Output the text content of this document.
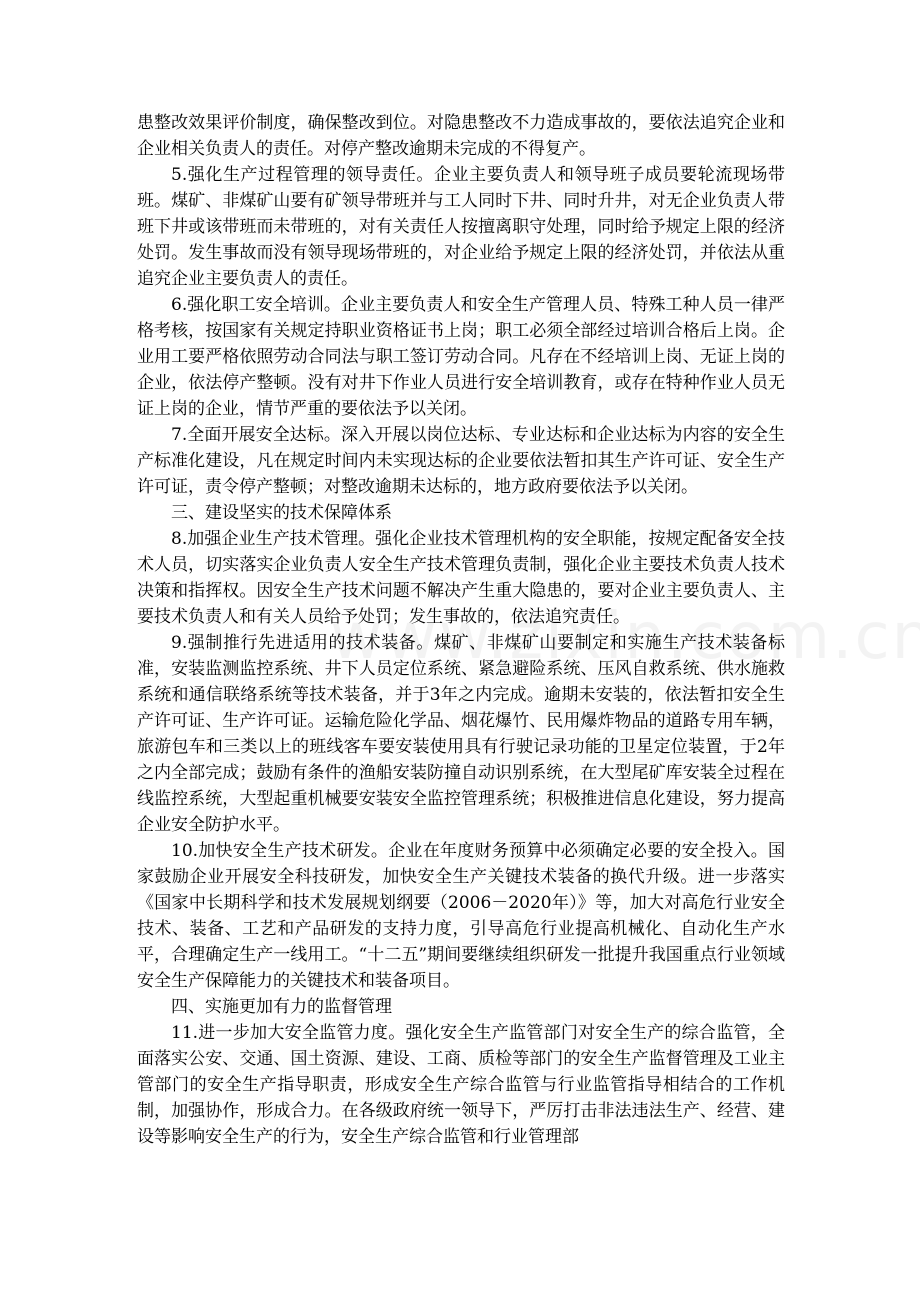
患整改效果评价制度，确保整改到位。对隐患整改不力造成事故的，要依法追究企业和企业相关负责人的责任。对停产整改逾期未完成的不得复产。

5.强化生产过程管理的领导责任。企业主要负责人和领导班子成员要轮流现场带班。煤矿、非煤矿山要有矿领导带班并与工人同时下井、同时升井，对无企业负责人带班下井或该带班而未带班的，对有关责任人按擅离职守处理，同时给予规定上限的经济处罚。发生事故而没有领导现场带班的，对企业给予规定上限的经济处罚，并依法从重追究企业主要负责人的责任。

6.强化职工安全培训。企业主要负责人和安全生产管理人员、特殊工种人员一律严格考核，按国家有关规定持职业资格证书上岗；职工必须全部经过培训合格后上岗。企业用工要严格依照劳动合同法与职工签订劳动合同。凡存在不经培训上岗、无证上岗的企业，依法停产整顿。没有对井下作业人员进行安全培训教育，或存在特种作业人员无证上岗的企业，情节严重的要依法予以关闭。

7.全面开展安全达标。深入开展以岗位达标、专业达标和企业达标为内容的安全生产标准化建设，凡在规定时间内未实现达标的企业要依法暂扣其生产许可证、安全生产许可证，责令停产整顿；对整改逾期未达标的，地方政府要依法予以关闭。

三、建设坚实的技术保障体系

8.加强企业生产技术管理。强化企业技术管理机构的安全职能，按规定配备安全技术人员，切实落实企业负责人安全生产技术管理负责制，强化企业主要技术负责人技术决策和指挥权。因安全生产技术问题不解决产生重大隐患的，要对企业主要负责人、主要技术负责人和有关人员给予处罚；发生事故的，依法追究责任。

9.强制推行先进适用的技术装备。煤矿、非煤矿山要制定和实施生产技术装备标准，安装监测监控系统、井下人员定位系统、紧急避险系统、压风自救系统、供水施救系统和通信联络系统等技术装备，并于3年之内完成。逾期未安装的，依法暂扣安全生产许可证、生产许可证。运输危险化学品、烟花爆竹、民用爆炸物品的道路专用车辆，旅游包车和三类以上的班线客车要安装使用具有行驶记录功能的卫星定位装置，于2年之内全部完成；鼓励有条件的渔船安装防撞自动识别系统，在大型尾矿库安装全过程在线监控系统，大型起重机械要安装安全监控管理系统；积极推进信息化建设，努力提高企业安全防护水平。

10.加快安全生产技术研发。企业在年度财务预算中必须确定必要的安全投入。国家鼓励企业开展安全科技研发，加快安全生产关键技术装备的换代升级。进一步落实《国家中长期科学和技术发展规划纲要（2006－2020年）》等，加大对高危行业安全技术、装备、工艺和产品研发的支持力度，引导高危行业提高机械化、自动化生产水平，合理确定生产一线用工。“十二五”期间要继续组织研发一批提升我国重点行业领域安全生产保障能力的关键技术和装备项目。

四、实施更加有力的监督管理

11.进一步加大安全监管力度。强化安全生产监管部门对安全生产的综合监管，全面落实公安、交通、国土资源、建设、工商、质检等部门的安全生产监督管理及工业主管部门的安全生产指导职责，形成安全生产综合监管与行业监管指导相结合的工作机制，加强协作，形成合力。在各级政府统一领导下，严厉打击非法违法生产、经营、建设等影响安全生产的行为，安全生产综合监管和行业管理部
